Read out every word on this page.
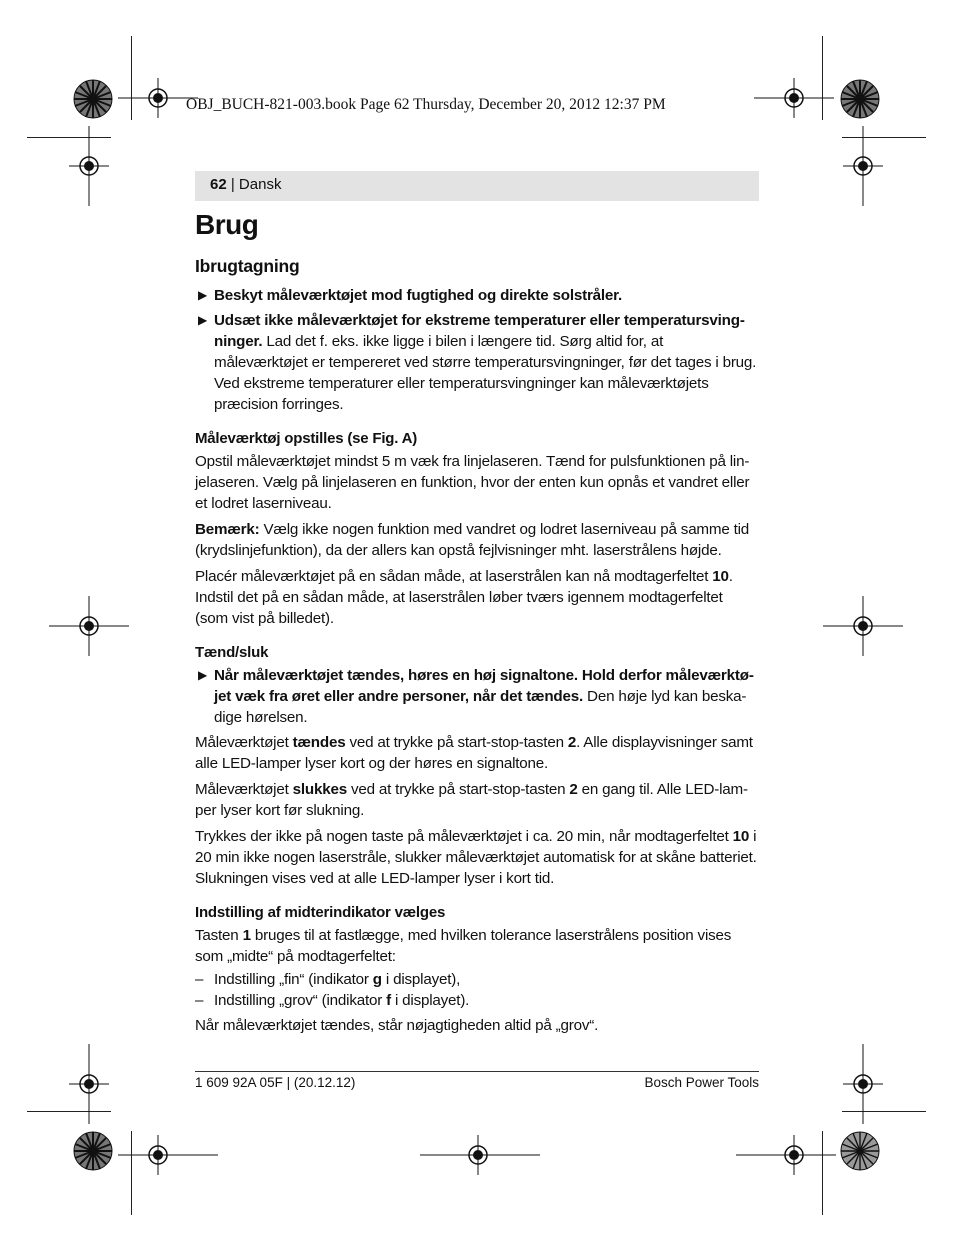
OBJ_BUCH-821-003.book Page 62 Thursday, December 20, 2012 12:37 PM
62 | Dansk
Brug
Ibrugtagning
▶ Beskyt måleværktøjet mod fugtighed og direkte solstråler.
▶ Udsæt ikke måleværktøjet for ekstreme temperaturer eller temperatursvingninger. Lad det f. eks. ikke ligge i bilen i længere tid. Sørg altid for, at måleværktøjet er tempereret ved større temperatursvingninger, før det tages i brug. Ved ekstreme temperaturer eller temperatursvingninger kan måleværktøjets præcision forringes.
Måleværktøj opstilles (se Fig. A)

Opstil måleværktøjet mindst 5 m væk fra linjelaseren. Tænd for pulsfunktionen på linjelaseren. Vælg på linjelaseren en funktion, hvor der enten kun opnås et vandret eller et lodret laserniveau.

Bemærk: Vælg ikke nogen funktion med vandret og lodret laserniveau på samme tid (krydslinjefunktion), da der allers kan opstå fejlvisninger mht. laserstrålens højde.

Placér måleværktøjet på en sådan måde, at laserstrålen kan nå modtagerfeltet 10. Indstil det på en sådan måde, at laserstrålen løber tværs igennem modtagerfeltet (som vist på billedet).

Tænd/sluk
▶ Når måleværktøjet tændes, høres en høj signaltone. Hold derfor måleværktøjet væk fra øret eller andre personer, når det tændes. Den høje lyd kan beskadige hørelsen.

Måleværktøjet tændes ved at trykke på start-stop-tasten 2. Alle displayvisninger samt alle LED-lamper lyser kort og der høres en signaltone.

Måleværktøjet slukkes ved at trykke på start-stop-tasten 2 en gang til. Alle LED-lamper lyser kort før slukning.

Trykkes der ikke på nogen taste på måleværktøjet i ca. 20 min, når modtagerfeltet 10 i 20 min ikke nogen laserstråle, slukker måleværktøjet automatisk for at skåne batteriet. Slukningen vises ved at alle LED-lamper lyser i kort tid.

Indstilling af midterindikator vælges

Tasten 1 bruges til at fastlægge, med hvilken tolerance laserstrålens position vises som „midte“ på modtagerfeltet:

– Indstilling „fin“ (indikator g i displayet),
– Indstilling „grov“ (indikator f i displayet).

Når måleværktøjet tændes, står nøjagtigheden altid på „grov“.

1 609 92A 05F | (20.12.12)	Bosch Power Tools
